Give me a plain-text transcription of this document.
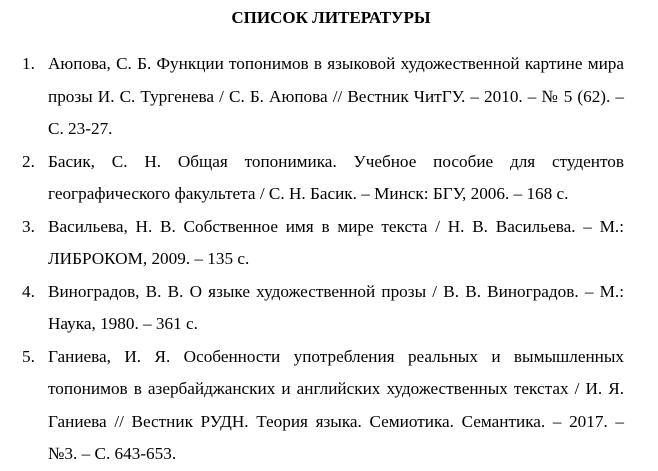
СПИСОК ЛИТЕРАТУРЫ
1. Аюпова, С. Б. Функции топонимов в языковой художественной картине мира прозы И. С. Тургенева / С. Б. Аюпова // Вестник ЧитГУ. – 2010. – № 5 (62). – С. 23-27.
2. Басик, С. Н. Общая топонимика. Учебное пособие для студентов географического факультета / С. Н. Басик. – Минск: БГУ, 2006. – 168 с.
3. Васильева, Н. В. Собственное имя в мире текста / Н. В. Васильева. – М.: ЛИБРОКОМ, 2009. – 135 с.
4. Виноградов, В. В. О языке художественной прозы / В. В. Виноградов. – М.: Наука, 1980. – 361 с.
5. Ганиева, И. Я. Особенности употребления реальных и вымышленных топонимов в азербайджанских и английских художественных текстах / И. Я. Ганиева // Вестник РУДН. Теория языка. Семиотика. Семантика. – 2017. – №3. – С. 643-653.
